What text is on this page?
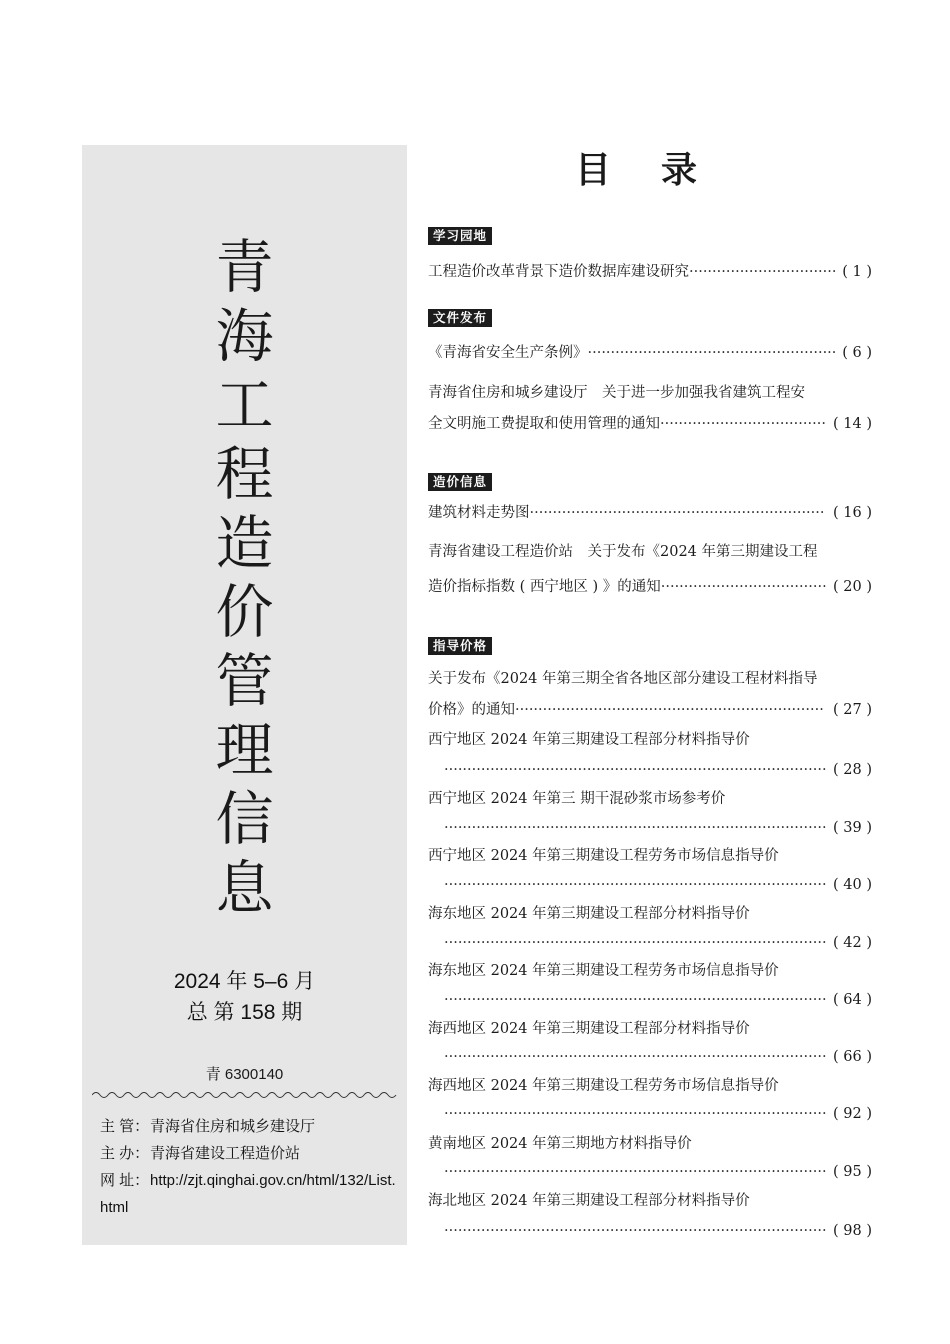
青
海
工
程
造
价
管
理
信
息
2024 年 5–6 月
总 第 158 期
青 6300140
主 管：青海省住房和城乡建设厅
主 办：青海省建设工程造价站
网 址：http://zjt.qinghai.gov.cn/html/132/List.html
目录
学习园地
文件发布
造价信息
指导价格
工程造价改革背景下造价数据库建设研究································ ( 1 )
《青海省安全生产条例》······················································ ( 6 )
青海省住房和城乡建设厅　关于进一步加强我省建筑工程安
全文明施工费提取和使用管理的通知···································· ( 14 )
建筑材料走势图································································ ( 16 )
青海省建设工程造价站　关于发布《2024 年第三期建设工程
造价指标指数 ( 西宁地区 ) 》的通知···································· ( 20 )
关于发布《2024 年第三期全省各地区部分建设工程材料指导
价格》的通知··································································· ( 27 )
西宁地区 2024 年第三期建设工程部分材料指导价
··················································································· ( 28 )
西宁地区 2024 年第三 期干混砂浆市场参考价
··················································································· ( 39 )
西宁地区 2024 年第三期建设工程劳务市场信息指导价
··················································································· ( 40 )
海东地区 2024 年第三期建设工程部分材料指导价
··················································································· ( 42 )
海东地区 2024 年第三期建设工程劳务市场信息指导价
··················································································· ( 64 )
海西地区 2024 年第三期建设工程部分材料指导价
··················································································· ( 66 )
海西地区 2024 年第三期建设工程劳务市场信息指导价
··················································································· ( 92 )
黄南地区 2024 年第三期地方材料指导价
··················································································· ( 95 )
海北地区 2024 年第三期建设工程部分材料指导价
··················································································· ( 98 )
